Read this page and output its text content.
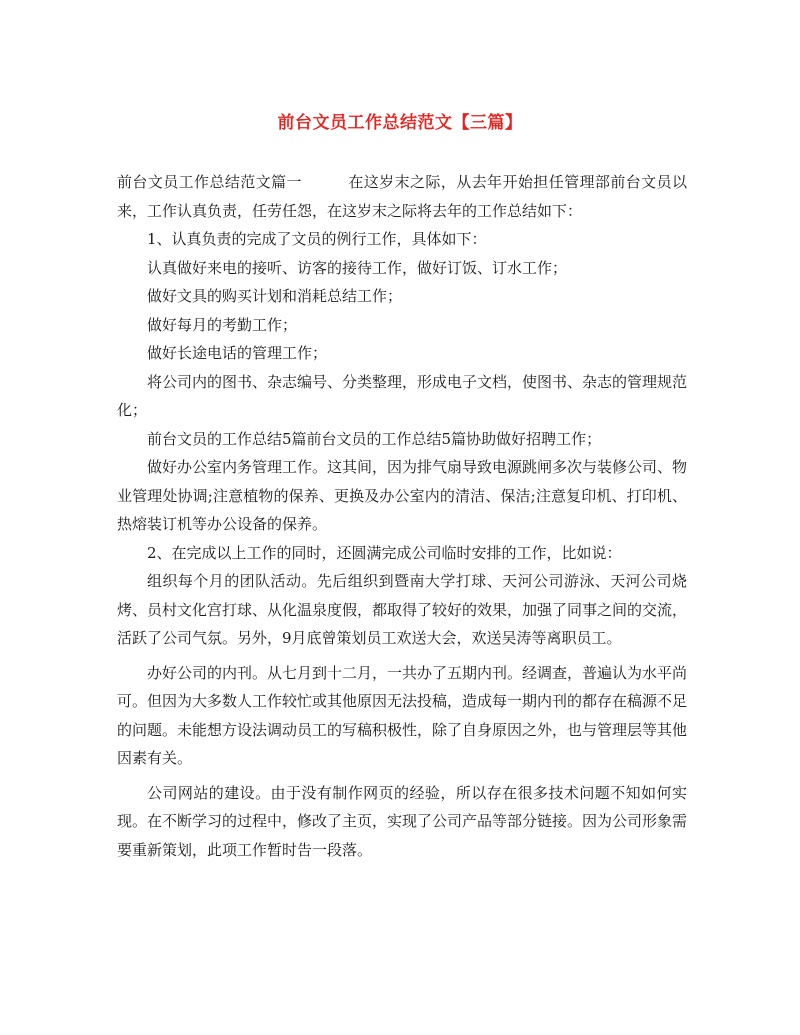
前台文员工作总结范文【三篇】

前台文员工作总结范文篇一	在这岁末之际，从去年开始担任管理部前台文员以来，工作认真负责，任劳任怨，在这岁末之际将去年的工作总结如下：

1、认真负责的完成了文员的例行工作，具体如下：

认真做好来电的接听、访客的接待工作，做好订饭、订水工作；

做好文具的购买计划和消耗总结工作；

做好每月的考勤工作；

做好长途电话的管理工作；

将公司内的图书、杂志编号、分类整理，形成电子文档，使图书、杂志的管理规范化；

前台文员的工作总结5篇前台文员的工作总结5篇协助做好招聘工作；

做好办公室内务管理工作。这其间，因为排气扇导致电源跳闸多次与装修公司、物业管理处协调;注意植物的保养、更换及办公室内的清洁、保洁;注意复印机、打印机、热熔装订机等办公设备的保养。

2、在完成以上工作的同时，还圆满完成公司临时安排的工作，比如说：

组织每个月的团队活动。先后组织到暨南大学打球、天河公司游泳、天河公司烧烤、员村文化宫打球、从化温泉度假，都取得了较好的效果，加强了同事之间的交流，活跃了公司气氛。另外，9月底曾策划员工欢送大会，欢送吴涛等离职员工。

办好公司的内刊。从七月到十二月，一共办了五期内刊。经调查，普遍认为水平尚可。但因为大多数人工作较忙或其他原因无法投稿，造成每一期内刊的都存在稿源不足的问题。未能想方设法调动员工的写稿积极性，除了自身原因之外，也与管理层等其他因素有关。

公司网站的建设。由于没有制作网页的经验，所以存在很多技术问题不知如何实现。在不断学习的过程中，修改了主页，实现了公司产品等部分链接。因为公司形象需要重新策划，此项工作暂时告一段落。
